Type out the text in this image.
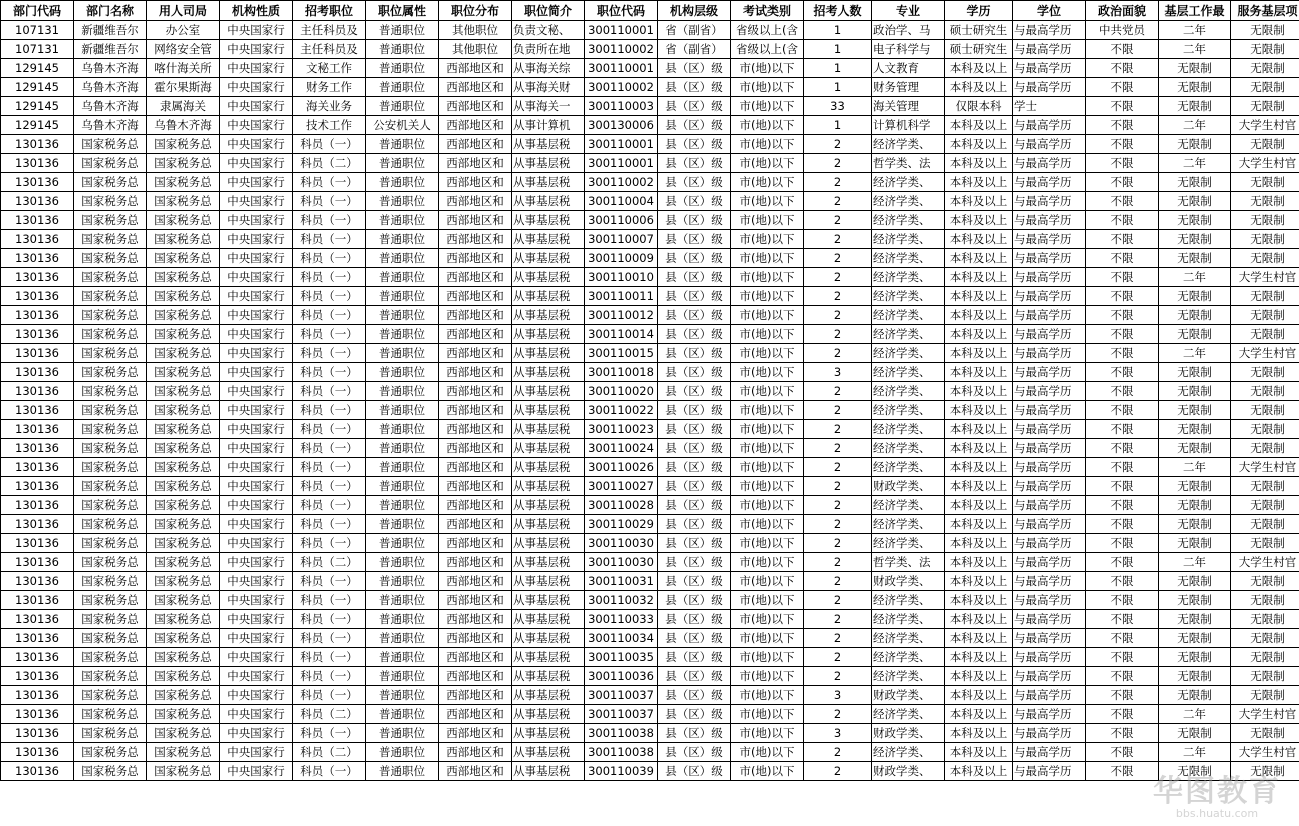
部门代码	部门名称	用人司局	机构性质	招考职位	职位属性	职位分布	职位简介	职位代码	机构层级	考试类别	招考人数	专业	学历	学位	政治面貌	基层工作最	服务基层项
107131	新疆维吾尔	办公室	中央国家行	主任科员及	普通职位	其他职位	负责文秘、	300110001	省（副省）	省级以上(含	1	政治学、马	硕士研究生	与最高学历	中共党员	二年	无限制
107131	新疆维吾尔	网络安全管	中央国家行	主任科员及	普通职位	其他职位	负责所在地	300110002	省（副省）	省级以上(含	1	电子科学与	硕士研究生	与最高学历	不限	二年	无限制
129145	乌鲁木齐海	喀什海关所	中央国家行	文秘工作	普通职位	西部地区和	从事海关综	300110001	县（区）级	市(地)以下	1	人文教育	本科及以上	与最高学历	不限	无限制	无限制
129145	乌鲁木齐海	霍尔果斯海	中央国家行	财务工作	普通职位	西部地区和	从事海关财	300110002	县（区）级	市(地)以下	1	财务管理	本科及以上	与最高学历	不限	无限制	无限制
129145	乌鲁木齐海	隶属海关	中央国家行	海关业务	普通职位	西部地区和	从事海关一	300110003	县（区）级	市(地)以下	33	海关管理	仅限本科	学士	不限	无限制	无限制
129145	乌鲁木齐海	乌鲁木齐海	中央国家行	技术工作	公安机关人	西部地区和	从事计算机	300130006	县（区）级	市(地)以下	1	计算机科学	本科及以上	与最高学历	不限	二年	大学生村官
130136	国家税务总	国家税务总	中央国家行	科员（一）	普通职位	西部地区和	从事基层税	300110001	县（区）级	市(地)以下	2	经济学类、	本科及以上	与最高学历	不限	无限制	无限制
130136	国家税务总	国家税务总	中央国家行	科员（二）	普通职位	西部地区和	从事基层税	300110001	县（区）级	市(地)以下	2	哲学类、法	本科及以上	与最高学历	不限	二年	大学生村官
130136	国家税务总	国家税务总	中央国家行	科员（一）	普通职位	西部地区和	从事基层税	300110002	县（区）级	市(地)以下	2	经济学类、	本科及以上	与最高学历	不限	无限制	无限制
130136	国家税务总	国家税务总	中央国家行	科员（一）	普通职位	西部地区和	从事基层税	300110004	县（区）级	市(地)以下	2	经济学类、	本科及以上	与最高学历	不限	无限制	无限制
130136	国家税务总	国家税务总	中央国家行	科员（一）	普通职位	西部地区和	从事基层税	300110006	县（区）级	市(地)以下	2	经济学类、	本科及以上	与最高学历	不限	无限制	无限制
130136	国家税务总	国家税务总	中央国家行	科员（一）	普通职位	西部地区和	从事基层税	300110007	县（区）级	市(地)以下	2	经济学类、	本科及以上	与最高学历	不限	无限制	无限制
130136	国家税务总	国家税务总	中央国家行	科员（一）	普通职位	西部地区和	从事基层税	300110009	县（区）级	市(地)以下	2	经济学类、	本科及以上	与最高学历	不限	无限制	无限制
130136	国家税务总	国家税务总	中央国家行	科员（一）	普通职位	西部地区和	从事基层税	300110010	县（区）级	市(地)以下	2	经济学类、	本科及以上	与最高学历	不限	二年	大学生村官
130136	国家税务总	国家税务总	中央国家行	科员（一）	普通职位	西部地区和	从事基层税	300110011	县（区）级	市(地)以下	2	经济学类、	本科及以上	与最高学历	不限	无限制	无限制
130136	国家税务总	国家税务总	中央国家行	科员（一）	普通职位	西部地区和	从事基层税	300110012	县（区）级	市(地)以下	2	经济学类、	本科及以上	与最高学历	不限	无限制	无限制
130136	国家税务总	国家税务总	中央国家行	科员（一）	普通职位	西部地区和	从事基层税	300110014	县（区）级	市(地)以下	2	经济学类、	本科及以上	与最高学历	不限	无限制	无限制
130136	国家税务总	国家税务总	中央国家行	科员（一）	普通职位	西部地区和	从事基层税	300110015	县（区）级	市(地)以下	2	经济学类、	本科及以上	与最高学历	不限	二年	大学生村官
130136	国家税务总	国家税务总	中央国家行	科员（一）	普通职位	西部地区和	从事基层税	300110018	县（区）级	市(地)以下	3	经济学类、	本科及以上	与最高学历	不限	无限制	无限制
130136	国家税务总	国家税务总	中央国家行	科员（一）	普通职位	西部地区和	从事基层税	300110020	县（区）级	市(地)以下	2	经济学类、	本科及以上	与最高学历	不限	无限制	无限制
130136	国家税务总	国家税务总	中央国家行	科员（一）	普通职位	西部地区和	从事基层税	300110022	县（区）级	市(地)以下	2	经济学类、	本科及以上	与最高学历	不限	无限制	无限制
130136	国家税务总	国家税务总	中央国家行	科员（一）	普通职位	西部地区和	从事基层税	300110023	县（区）级	市(地)以下	2	经济学类、	本科及以上	与最高学历	不限	无限制	无限制
130136	国家税务总	国家税务总	中央国家行	科员（一）	普通职位	西部地区和	从事基层税	300110024	县（区）级	市(地)以下	2	经济学类、	本科及以上	与最高学历	不限	无限制	无限制
130136	国家税务总	国家税务总	中央国家行	科员（一）	普通职位	西部地区和	从事基层税	300110026	县（区）级	市(地)以下	2	经济学类、	本科及以上	与最高学历	不限	二年	大学生村官
130136	国家税务总	国家税务总	中央国家行	科员（一）	普通职位	西部地区和	从事基层税	300110027	县（区）级	市(地)以下	2	财政学类、	本科及以上	与最高学历	不限	无限制	无限制
130136	国家税务总	国家税务总	中央国家行	科员（一）	普通职位	西部地区和	从事基层税	300110028	县（区）级	市(地)以下	2	经济学类、	本科及以上	与最高学历	不限	无限制	无限制
130136	国家税务总	国家税务总	中央国家行	科员（一）	普通职位	西部地区和	从事基层税	300110029	县（区）级	市(地)以下	2	经济学类、	本科及以上	与最高学历	不限	无限制	无限制
130136	国家税务总	国家税务总	中央国家行	科员（一）	普通职位	西部地区和	从事基层税	300110030	县（区）级	市(地)以下	2	经济学类、	本科及以上	与最高学历	不限	无限制	无限制
130136	国家税务总	国家税务总	中央国家行	科员（二）	普通职位	西部地区和	从事基层税	300110030	县（区）级	市(地)以下	2	哲学类、法	本科及以上	与最高学历	不限	二年	大学生村官
130136	国家税务总	国家税务总	中央国家行	科员（一）	普通职位	西部地区和	从事基层税	300110031	县（区）级	市(地)以下	2	财政学类、	本科及以上	与最高学历	不限	无限制	无限制
130136	国家税务总	国家税务总	中央国家行	科员（一）	普通职位	西部地区和	从事基层税	300110032	县（区）级	市(地)以下	2	经济学类、	本科及以上	与最高学历	不限	无限制	无限制
130136	国家税务总	国家税务总	中央国家行	科员（一）	普通职位	西部地区和	从事基层税	300110033	县（区）级	市(地)以下	2	经济学类、	本科及以上	与最高学历	不限	无限制	无限制
130136	国家税务总	国家税务总	中央国家行	科员（一）	普通职位	西部地区和	从事基层税	300110034	县（区）级	市(地)以下	2	经济学类、	本科及以上	与最高学历	不限	无限制	无限制
130136	国家税务总	国家税务总	中央国家行	科员（一）	普通职位	西部地区和	从事基层税	300110035	县（区）级	市(地)以下	2	经济学类、	本科及以上	与最高学历	不限	无限制	无限制
130136	国家税务总	国家税务总	中央国家行	科员（一）	普通职位	西部地区和	从事基层税	300110036	县（区）级	市(地)以下	2	经济学类、	本科及以上	与最高学历	不限	无限制	无限制
130136	国家税务总	国家税务总	中央国家行	科员（一）	普通职位	西部地区和	从事基层税	300110037	县（区）级	市(地)以下	3	财政学类、	本科及以上	与最高学历	不限	无限制	无限制
130136	国家税务总	国家税务总	中央国家行	科员（二）	普通职位	西部地区和	从事基层税	300110037	县（区）级	市(地)以下	2	经济学类、	本科及以上	与最高学历	不限	二年	大学生村官
130136	国家税务总	国家税务总	中央国家行	科员（一）	普通职位	西部地区和	从事基层税	300110038	县（区）级	市(地)以下	3	财政学类、	本科及以上	与最高学历	不限	无限制	无限制
130136	国家税务总	国家税务总	中央国家行	科员（二）	普通职位	西部地区和	从事基层税	300110038	县（区）级	市(地)以下	2	经济学类、	本科及以上	与最高学历	不限	二年	大学生村官
130136	国家税务总	国家税务总	中央国家行	科员（一）	普通职位	西部地区和	从事基层税	300110039	县（区）级	市(地)以下	2	财政学类、	本科及以上	与最高学历	不限	无限制	无限制
华图教育
bbs.huatu.com
